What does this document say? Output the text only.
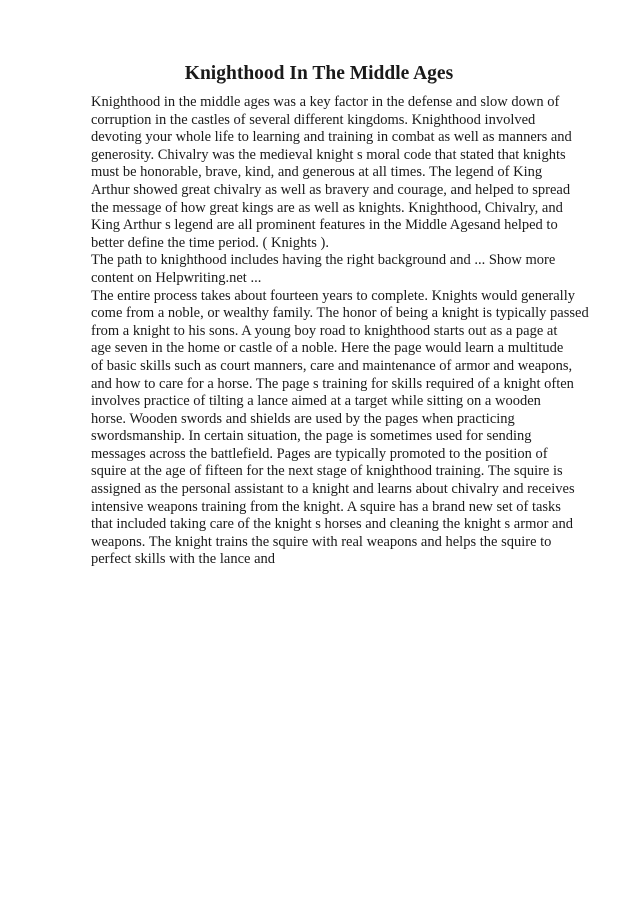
Knighthood In The Middle Ages
Knighthood in the middle ages was a key factor in the defense and slow down of
corruption in the castles of several different kingdoms. Knighthood involved
devoting your whole life to learning and training in combat as well as manners and
generosity. Chivalry was the medieval knight s moral code that stated that knights
must be honorable, brave, kind, and generous at all times. The legend of King
Arthur showed great chivalry as well as bravery and courage, and helped to spread
the message of how great kings are as well as knights. Knighthood, Chivalry, and
King Arthur s legend are all prominent features in the Middle Agesand helped to
better define the time period. ( Knights ).
The path to knighthood includes having the right background and ... Show more
content on Helpwriting.net ...
The entire process takes about fourteen years to complete. Knights would generally
come from a noble, or wealthy family. The honor of being a knight is typically passed
from a knight to his sons. A young boy road to knighthood starts out as a page at
age seven in the home or castle of a noble. Here the page would learn a multitude
of basic skills such as court manners, care and maintenance of armor and weapons,
and how to care for a horse. The page s training for skills required of a knight often
involves practice of tilting a lance aimed at a target while sitting on a wooden
horse. Wooden swords and shields are used by the pages when practicing
swordsmanship. In certain situation, the page is sometimes used for sending
messages across the battlefield. Pages are typically promoted to the position of
squire at the age of fifteen for the next stage of knighthood training. The squire is
assigned as the personal assistant to a knight and learns about chivalry and receives
intensive weapons training from the knight. A squire has a brand new set of tasks
that included taking care of the knight s horses and cleaning the knight s armor and
weapons. The knight trains the squire with real weapons and helps the squire to
perfect skills with the lance and
